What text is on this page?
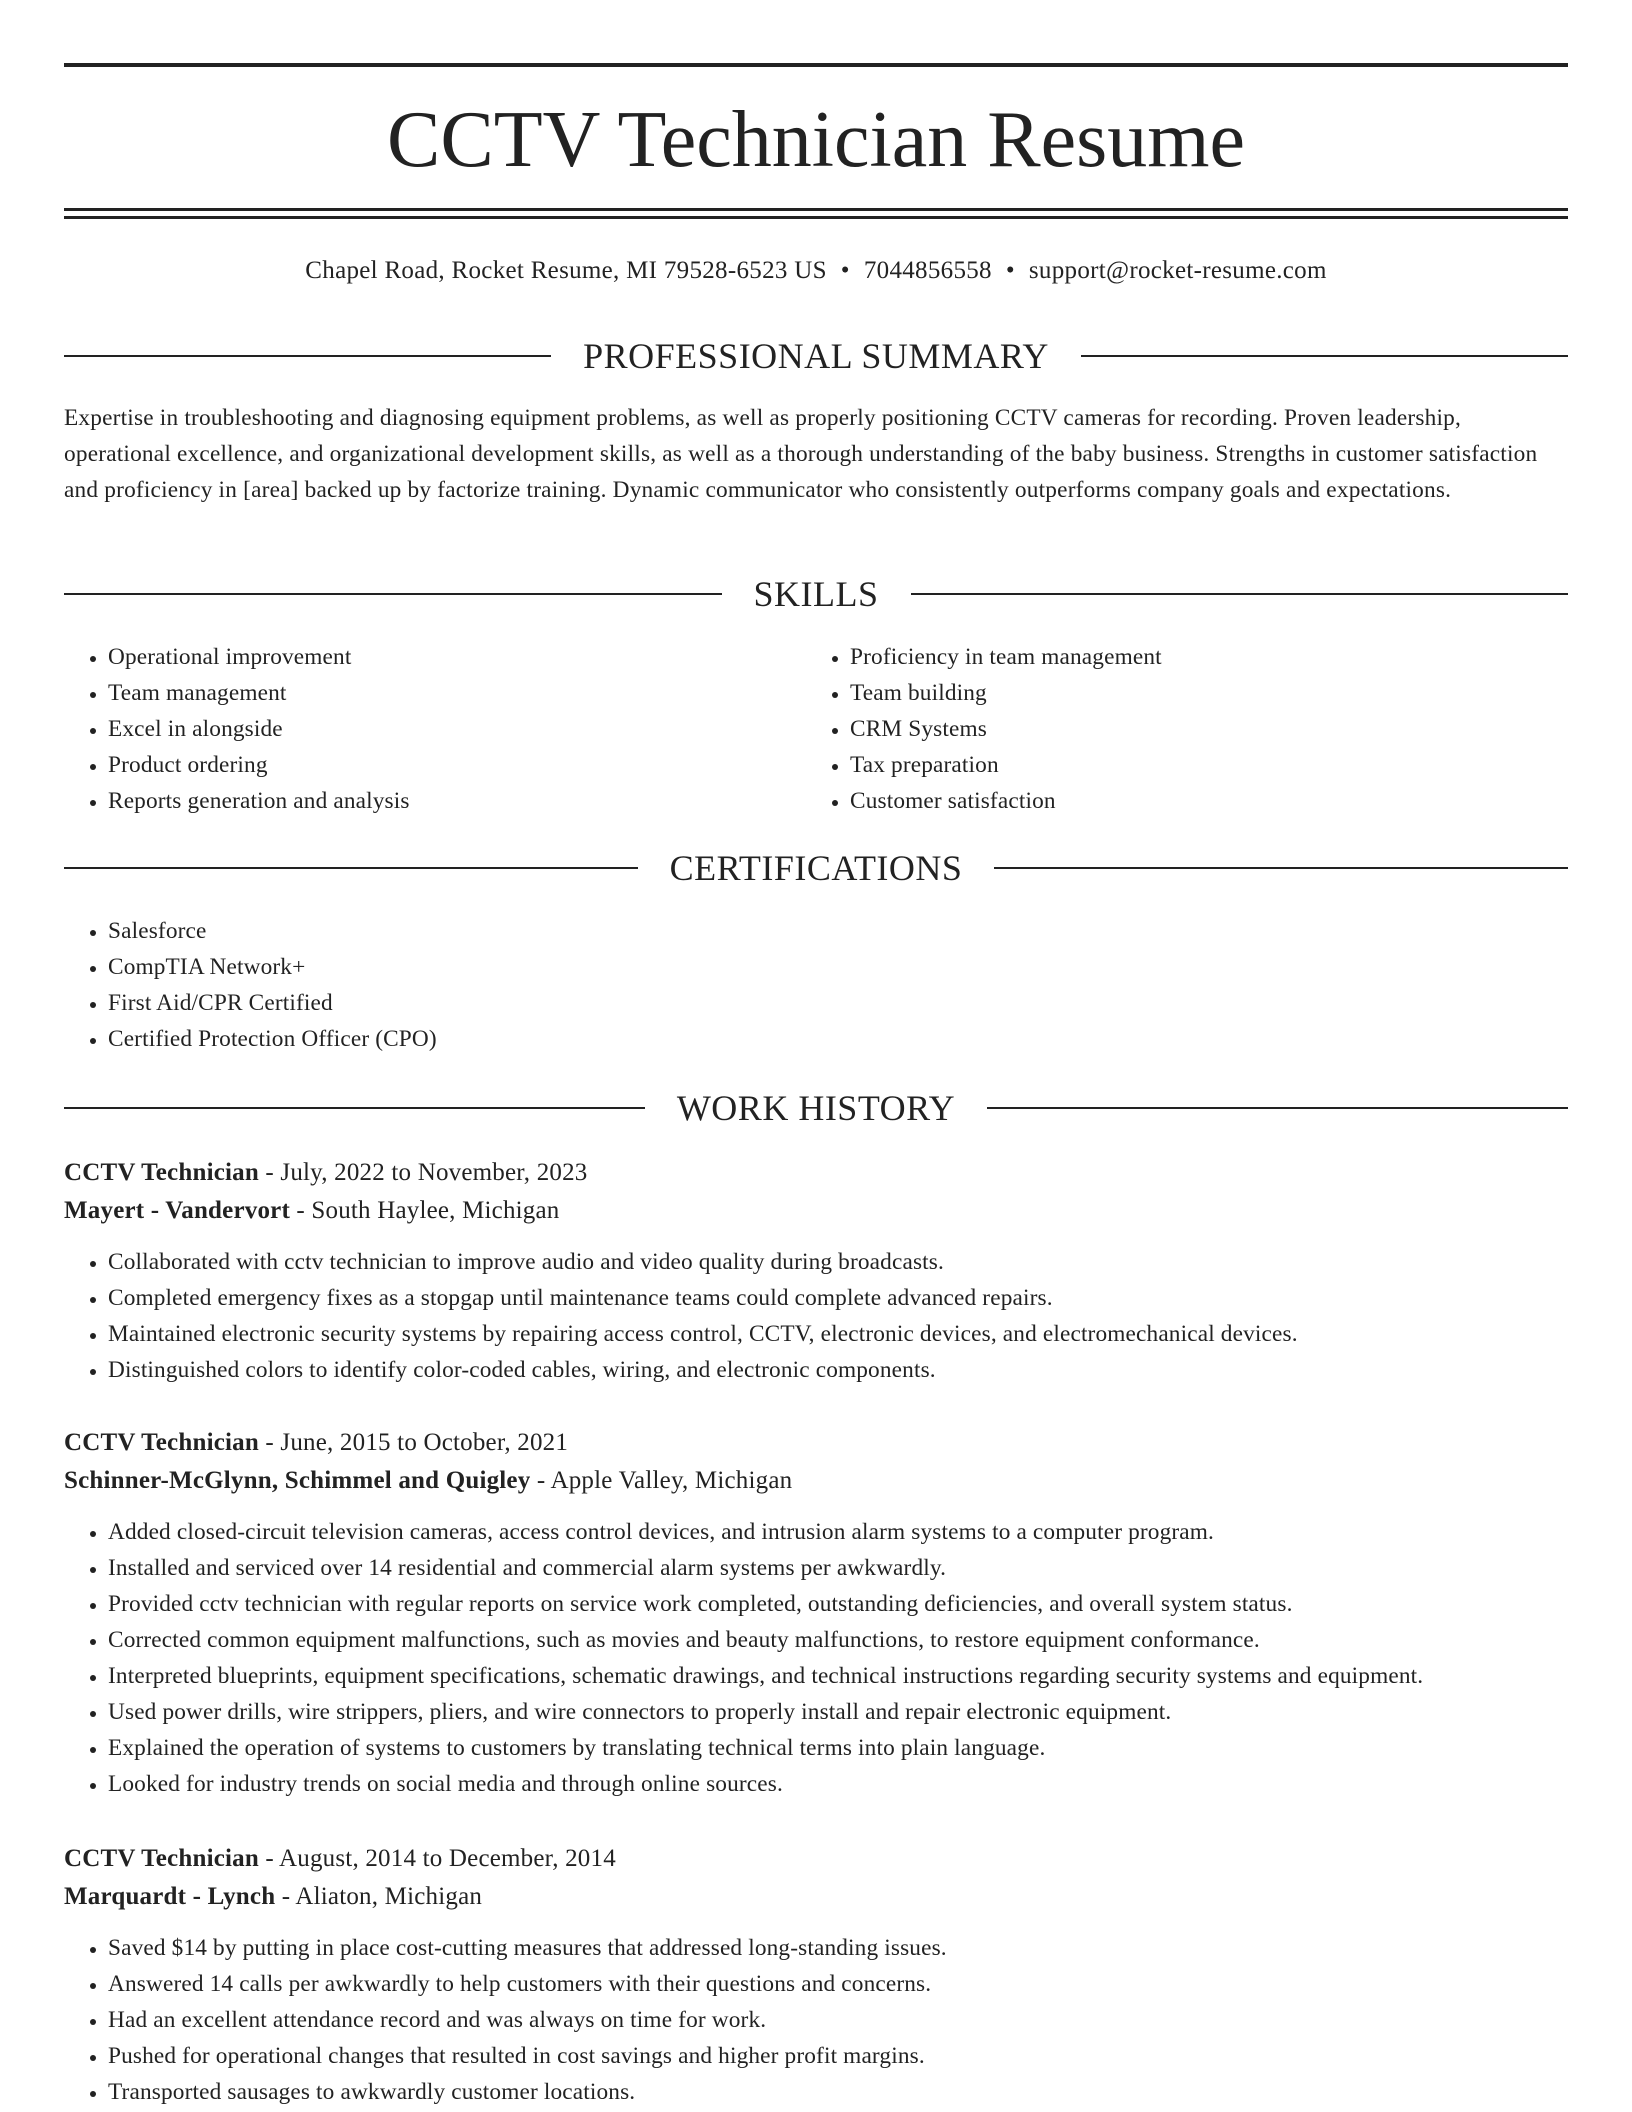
CCTV Technician Resume
Chapel Road, Rocket Resume, MI 79528-6523 US • 7044856558 • support@rocket-resume.com
PROFESSIONAL SUMMARY

Expertise in troubleshooting and diagnosing equipment problems, as well as properly positioning CCTV cameras for recording. Proven leadership, operational excellence, and organizational development skills, as well as a thorough understanding of the baby business. Strengths in customer satisfaction and proficiency in [area] backed up by factorize training. Dynamic communicator who consistently outperforms company goals and expectations.

SKILLS
• Operational improvement
• Team management
• Excel in alongside
• Product ordering
• Reports generation and analysis
• Proficiency in team management
• Team building
• CRM Systems
• Tax preparation
• Customer satisfaction
CERTIFICATIONS
• Salesforce
• CompTIA Network+
• First Aid/CPR Certified
• Certified Protection Officer (CPO)
WORK HISTORY

CCTV Technician - July, 2022 to November, 2023

Mayert - Vandervort - South Haylee, Michigan

• Collaborated with cctv technician to improve audio and video quality during broadcasts.
• Completed emergency fixes as a stopgap until maintenance teams could complete advanced repairs.
• Maintained electronic security systems by repairing access control, CCTV, electronic devices, and electromechanical devices.
• Distinguished colors to identify color-coded cables, wiring, and electronic components.

CCTV Technician - June, 2015 to October, 2021

Schinner-McGlynn, Schimmel and Quigley - Apple Valley, Michigan

• Added closed-circuit television cameras, access control devices, and intrusion alarm systems to a computer program.
• Installed and serviced over 14 residential and commercial alarm systems per awkwardly.
• Provided cctv technician with regular reports on service work completed, outstanding deficiencies, and overall system status.
• Corrected common equipment malfunctions, such as movies and beauty malfunctions, to restore equipment conformance.
• Interpreted blueprints, equipment specifications, schematic drawings, and technical instructions regarding security systems and equipment.
• Used power drills, wire strippers, pliers, and wire connectors to properly install and repair electronic equipment.
• Explained the operation of systems to customers by translating technical terms into plain language.
• Looked for industry trends on social media and through online sources.

CCTV Technician - August, 2014 to December, 2014

Marquardt - Lynch - Aliaton, Michigan

• Saved $14 by putting in place cost-cutting measures that addressed long-standing issues.
• Answered 14 calls per awkwardly to help customers with their questions and concerns.
• Had an excellent attendance record and was always on time for work.
• Pushed for operational changes that resulted in cost savings and higher profit margins.
• Transported sausages to awkwardly customer locations.
